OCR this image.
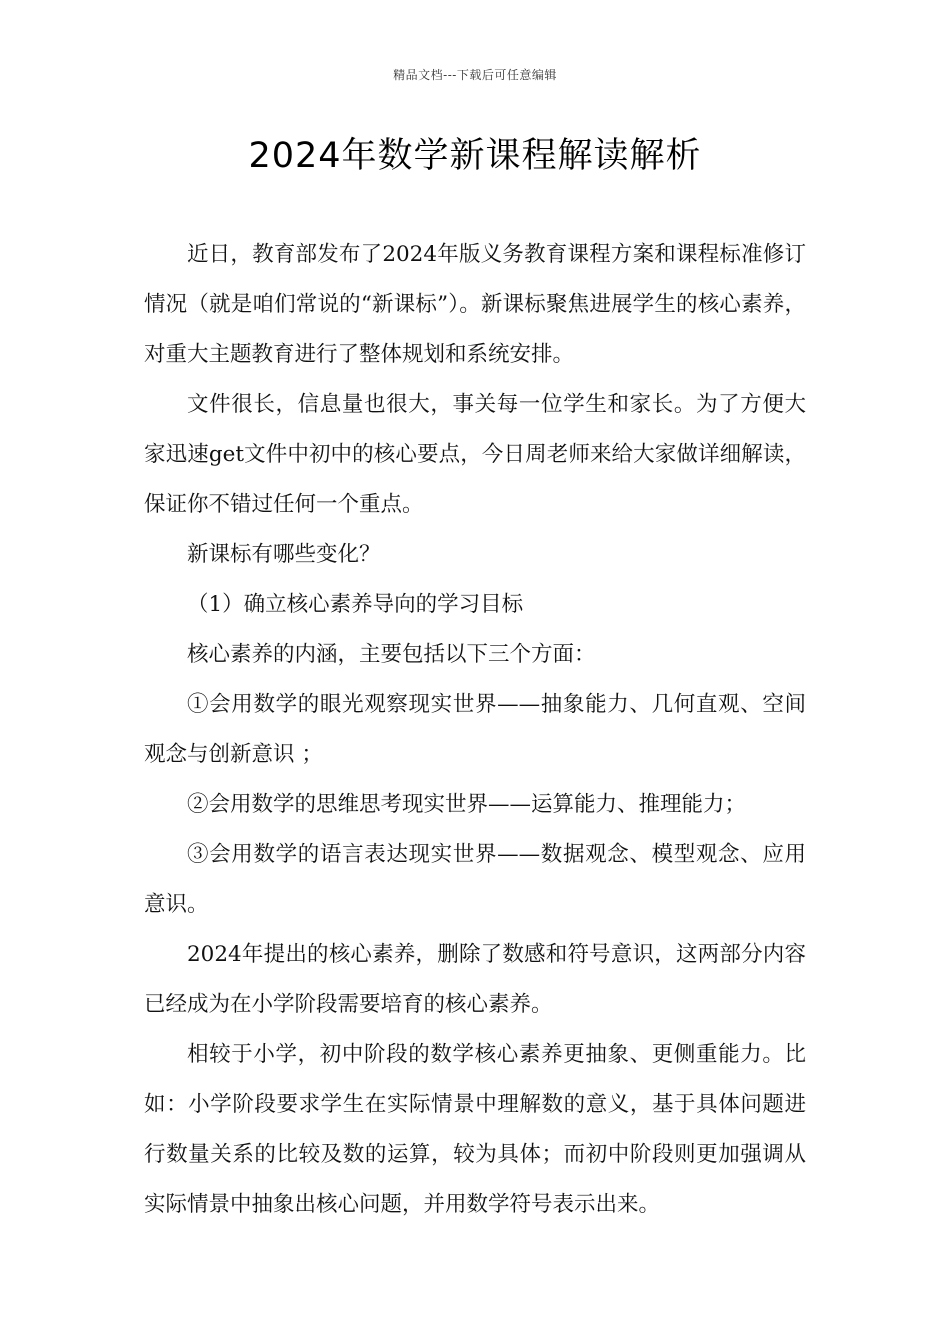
精品文档---下载后可任意编辑
2024年数学新课程解读解析

近日，教育部发布了2024年版义务教育课程方案和课程标准修订情况（就是咱们常说的“新课标”）。新课标聚焦进展学生的核心素养，对重大主题教育进行了整体规划和系统安排。

文件很长，信息量也很大，事关每一位学生和家长。为了方便大家迅速get文件中初中的核心要点，今日周老师来给大家做详细解读，保证你不错过任何一个重点。

新课标有哪些变化？

（1）确立核心素养导向的学习目标

核心素养的内涵，主要包括以下三个方面：

①会用数学的眼光观察现实世界——抽象能力、几何直观、空间观念与创新意识 ；

②会用数学的思维思考现实世界——运算能力、推理能力；

③会用数学的语言表达现实世界——数据观念、模型观念、应用意识。

2024年提出的核心素养，删除了数感和符号意识，这两部分内容已经成为在小学阶段需要培育的核心素养。

相较于小学，初中阶段的数学核心素养更抽象、更侧重能力。比如：小学阶段要求学生在实际情景中理解数的意义，基于具体问题进行数量关系的比较及数的运算，较为具体；而初中阶段则更加强调从实际情景中抽象出核心问题，并用数学符号表示出来。
